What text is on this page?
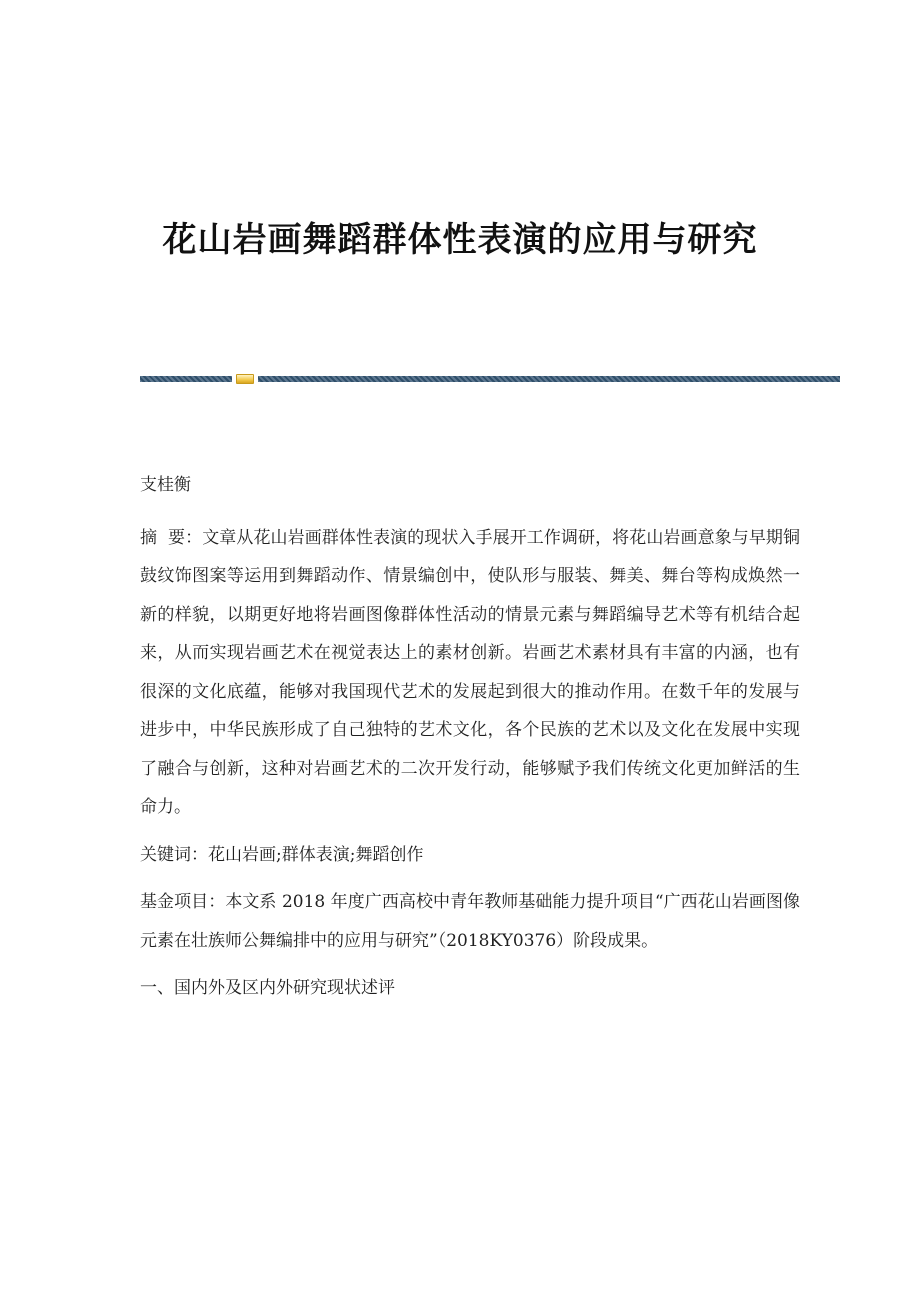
花山岩画舞蹈群体性表演的应用与研究

支桂衡

摘  要：文章从花山岩画群体性表演的现状入手展开工作调研，将花山岩画意象与早期铜鼓纹饰图案等运用到舞蹈动作、情景编创中，使队形与服装、舞美、舞台等构成焕然一新的样貌，以期更好地将岩画图像群体性活动的情景元素与舞蹈编导艺术等有机结合起来，从而实现岩画艺术在视觉表达上的素材创新。岩画艺术素材具有丰富的内涵，也有很深的文化底蕴，能够对我国现代艺术的发展起到很大的推动作用。在数千年的发展与进步中，中华民族形成了自己独特的艺术文化，各个民族的艺术以及文化在发展中实现了融合与创新，这种对岩画艺术的二次开发行动，能够赋予我们传统文化更加鲜活的生命力。

关键词：花山岩画;群体表演;舞蹈创作

基金项目：本文系 2018 年度广西高校中青年教师基础能力提升项目“广西花山岩画图像元素在壮族师公舞编排中的应用与研究”（2018KY0376）阶段成果。

一、国内外及区内外研究现状述评
